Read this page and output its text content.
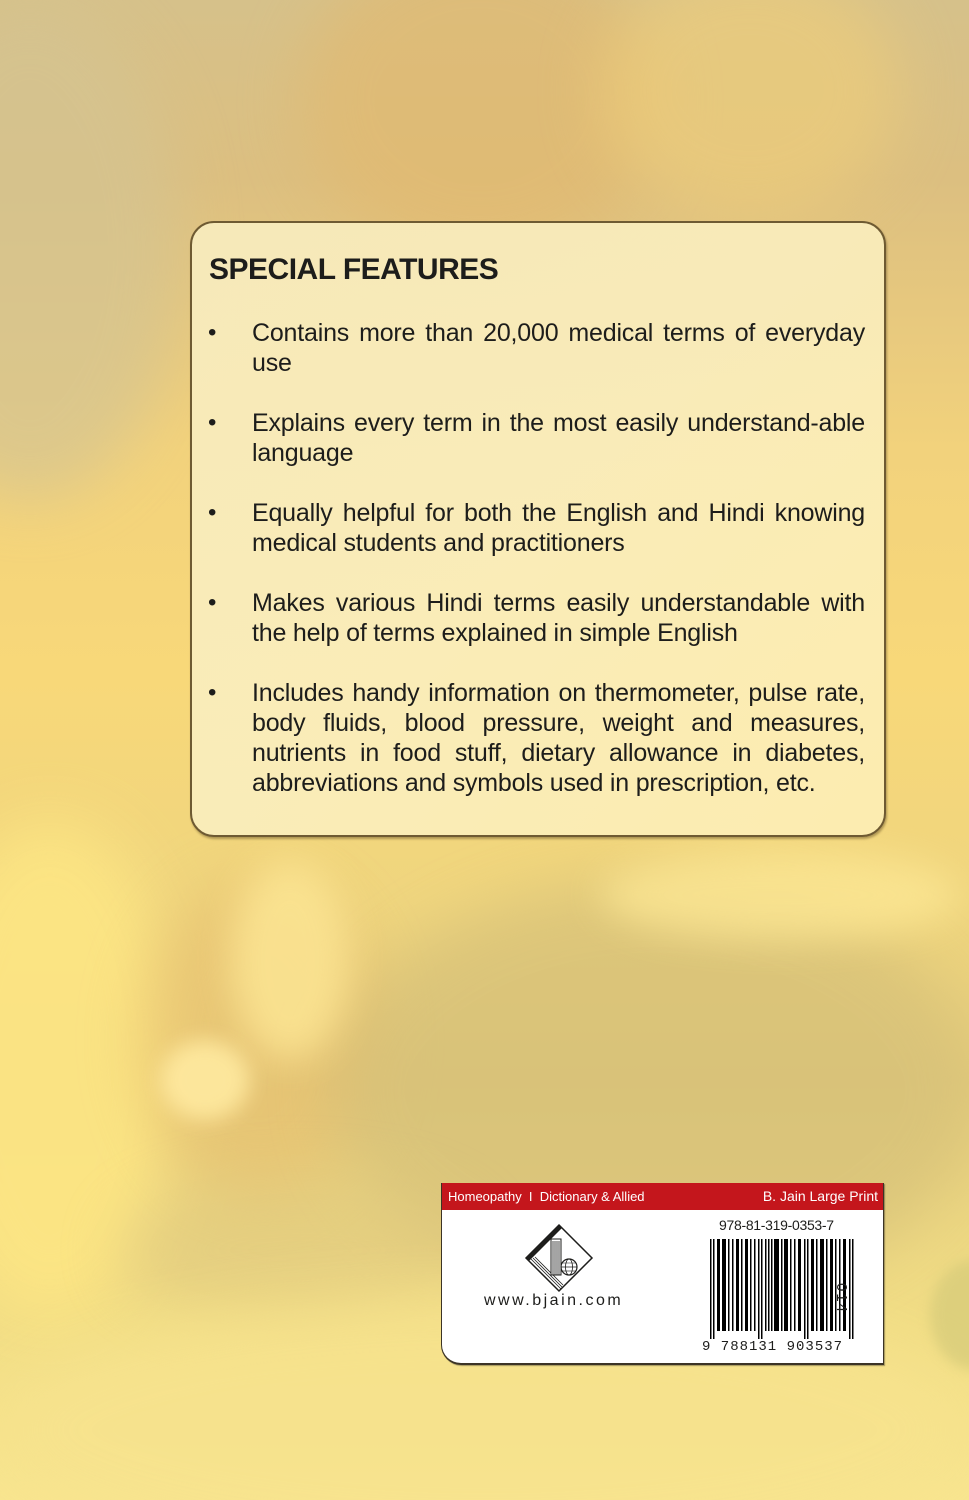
SPECIAL FEATURES
• Contains more than 20,000 medical terms of everyday use

• Explains every term in the most easily understand-able language

• Equally helpful for both the English and Hindi knowing medical students and practitioners

• Makes various Hindi terms easily understandable with the help of terms explained in simple English

• Includes handy information on thermometer, pulse rate, body fluids, blood pressure, weight and measures, nutrients in food stuff, dietary allowance in diabetes, abbreviations and symbols used in prescription, etc.

Homeopathy  I  Dictionary & Allied	B. Jain Large Print
www.bjain.com
978-81-319-0353-7
9 788131 903537
014
